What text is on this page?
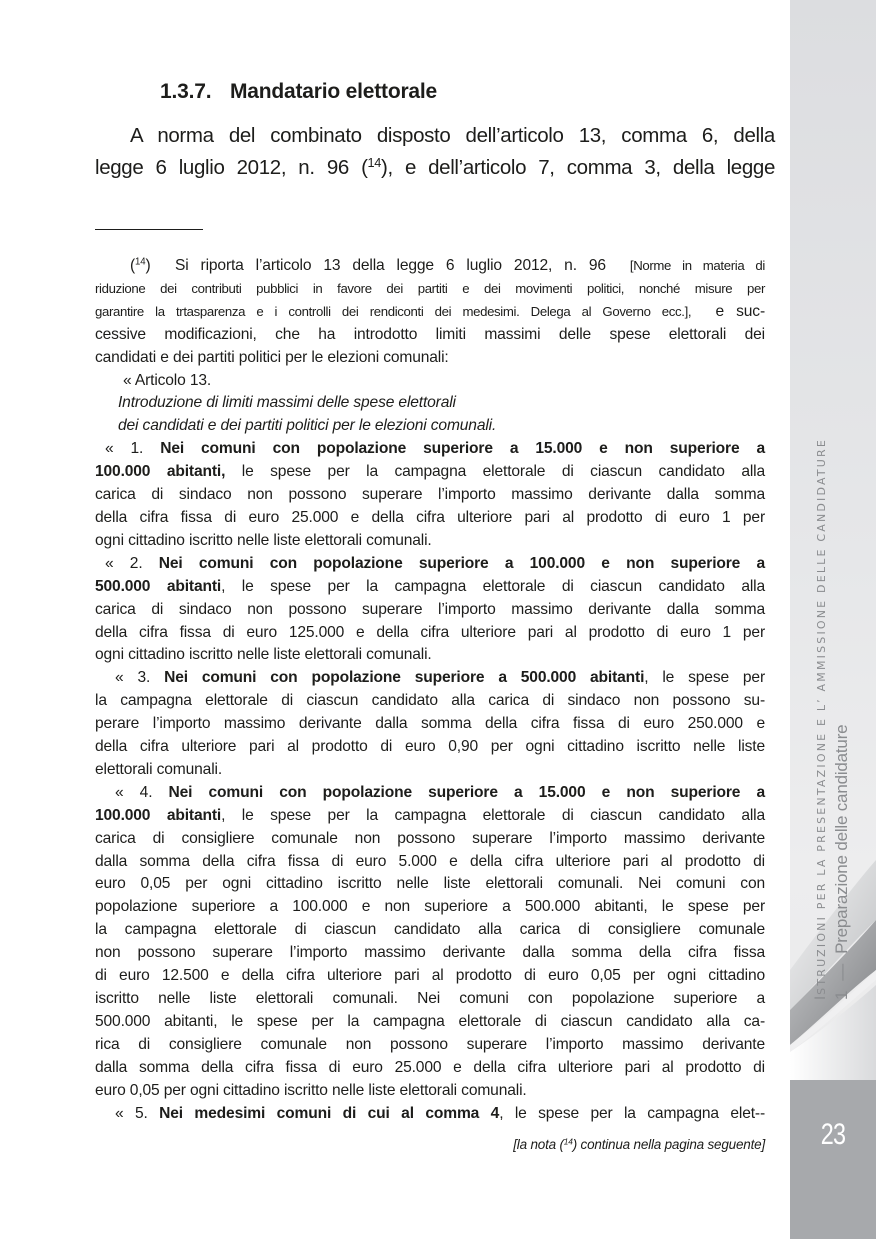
1.3.7. Mandatario elettorale
A norma del combinato disposto dell’articolo 13, comma 6, della
legge 6 luglio 2012, n. 96 ($^{14}$), e dell’articolo 7, comma 3, della legge
($^{14}$) Si riporta l’articolo 13 della legge 6 luglio 2012, n. 96 [Norme in materia di
riduzione dei contributi pubblici in favore dei partiti e dei movimenti politici, nonché misure per
garantire la trtasparenza e i controlli dei rendiconti dei medesimi. Delega al Governo ecc.], e suc-
cessive modificazioni, che ha introdotto limiti massimi delle spese elettorali dei
candidati e dei partiti politici per le elezioni comunali:
« Articolo 13.
Introduzione di limiti massimi delle spese elettorali
dei candidati e dei partiti politici per le elezioni comunali.
« 1. Nei comuni con popolazione superiore a 15.000 e non superiore a
100.000 abitanti, le spese per la campagna elettorale di ciascun candidato alla
carica di sindaco non possono superare l’importo massimo derivante dalla somma
della cifra fissa di euro 25.000 e della cifra ulteriore pari al prodotto di euro 1 per
ogni cittadino iscritto nelle liste elettorali comunali.
« 2. Nei comuni con popolazione superiore a 100.000 e non superiore a
500.000 abitanti, le spese per la campagna elettorale di ciascun candidato alla
carica di sindaco non possono superare l’importo massimo derivante dalla somma
della cifra fissa di euro 125.000 e della cifra ulteriore pari al prodotto di euro 1 per
ogni cittadino iscritto nelle liste elettorali comunali.
« 3. Nei comuni con popolazione superiore a 500.000 abitanti, le spese per
la campagna elettorale di ciascun candidato alla carica di sindaco non possono su-
perare l’importo massimo derivante dalla somma della cifra fissa di euro 250.000 e
della cifra ulteriore pari al prodotto di euro 0,90 per ogni cittadino iscritto nelle liste
elettorali comunali.
« 4. Nei comuni con popolazione superiore a 15.000 e non superiore a
100.000 abitanti, le spese per la campagna elettorale di ciascun candidato alla
carica di consigliere comunale non possono superare l’importo massimo derivante
dalla somma della cifra fissa di euro 5.000 e della cifra ulteriore pari al prodotto di
euro 0,05 per ogni cittadino iscritto nelle liste elettorali comunali. Nei comuni con
popolazione superiore a 100.000 e non superiore a 500.000 abitanti, le spese per
la campagna elettorale di ciascun candidato alla carica di consigliere comunale
non possono superare l’importo massimo derivante dalla somma della cifra fissa
di euro 12.500 e della cifra ulteriore pari al prodotto di euro 0,05 per ogni cittadino
iscritto nelle liste elettorali comunali. Nei comuni con popolazione superiore a
500.000 abitanti, le spese per la campagna elettorale di ciascun candidato alla ca-
rica di consigliere comunale non possono superare l’importo massimo derivante
dalla somma della cifra fissa di euro 25.000 e della cifra ulteriore pari al prodotto di
euro 0,05 per ogni cittadino iscritto nelle liste elettorali comunali.
« 5. Nei medesimi comuni di cui al comma 4, le spese per la campagna elet--
[la nota ($^{14}$) continua nella pagina seguente]
ISTRUZIONI PER LA PRESENTAZIONE E L’ AMMISSIONE DELLE CANDIDATURE
1—Preparazione delle candidature
23
